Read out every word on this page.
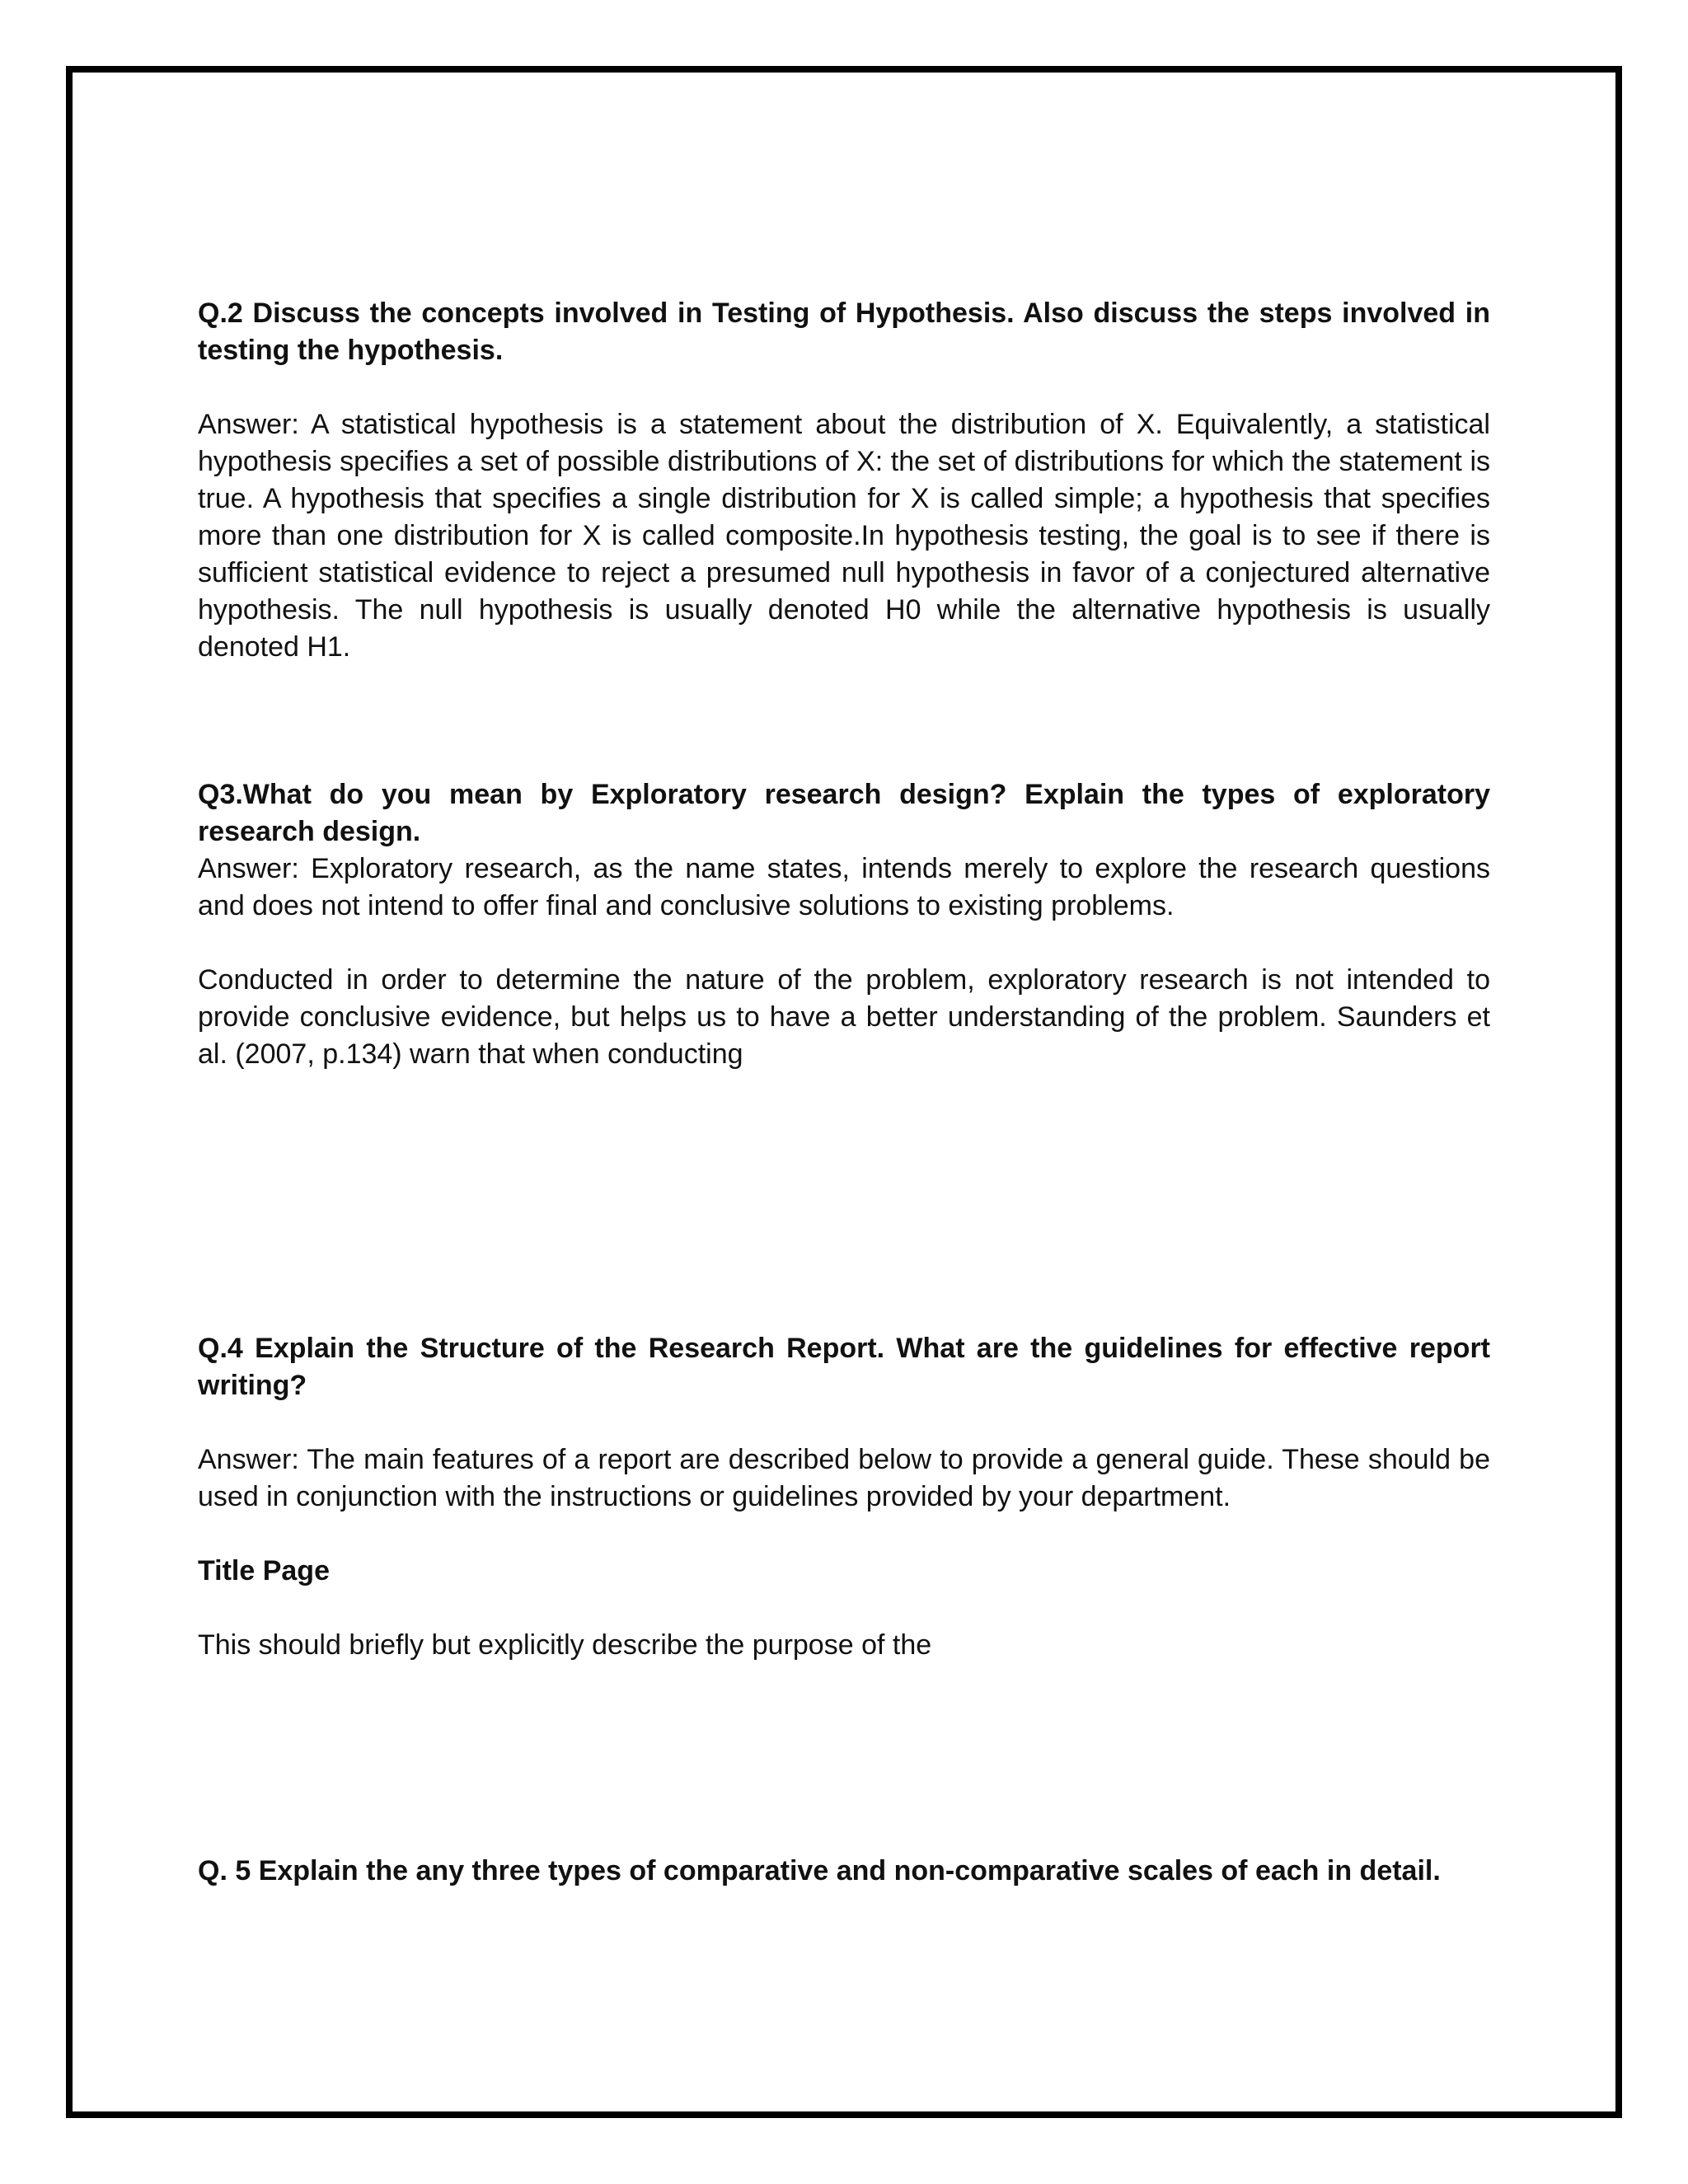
Q.2 Discuss the concepts involved in Testing of Hypothesis. Also discuss the steps involved in testing the hypothesis.

Answer: A statistical hypothesis is a statement about the distribution of X. Equivalently, a statistical hypothesis specifies a set of possible distributions of X: the set of distributions for which the statement is true. A hypothesis that specifies a single distribution for X is called simple; a hypothesis that specifies more than one distribution for X is called composite.In hypothesis testing, the goal is to see if there is sufficient statistical evidence to reject a presumed null hypothesis in favor of a conjectured alternative hypothesis. The null hypothesis is usually denoted H0 while the alternative hypothesis is usually denoted H1.

Q3.What do you mean by Exploratory research design? Explain the types of exploratory research design.

Answer: Exploratory research, as the name states, intends merely to explore the research questions and does not intend to offer final and conclusive solutions to existing problems.

Conducted in order to determine the nature of the problem, exploratory research is not intended to provide conclusive evidence, but helps us to have a better understanding of the problem. Saunders et al. (2007, p.134) warn that when conducting

Q.4 Explain the Structure of the Research Report. What are the guidelines for effective report writing?

Answer: The main features of a report are described below to provide a general guide. These should be used in conjunction with the instructions or guidelines provided by your department.

Title Page

This should briefly but explicitly describe the purpose of the

Q. 5 Explain the any three types of comparative and non-comparative scales of each in detail.
